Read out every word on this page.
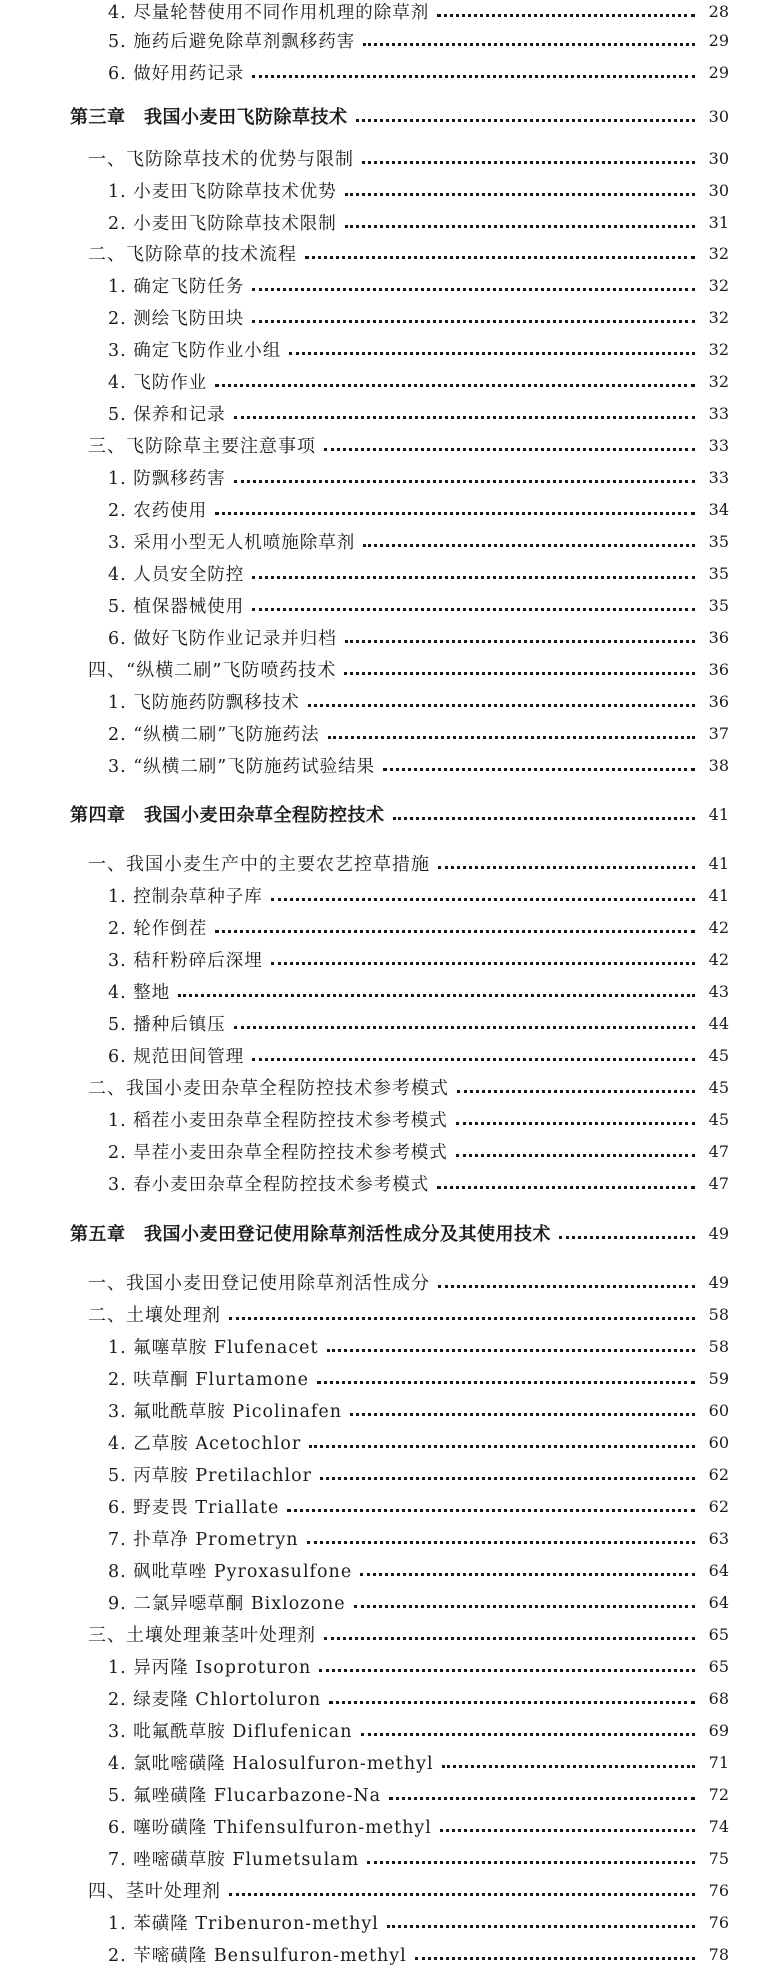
4. 尽量轮替使用不同作用机理的除草剂	28
5. 施药后避免除草剂飘移药害	29
6. 做好用药记录	29
第三章　我国小麦田飞防除草技术	30
一、飞防除草技术的优势与限制	30
1. 小麦田飞防除草技术优势	30
2. 小麦田飞防除草技术限制	31
二、飞防除草的技术流程	32
1. 确定飞防任务	32
2. 测绘飞防田块	32
3. 确定飞防作业小组	32
4. 飞防作业	32
5. 保养和记录	33
三、飞防除草主要注意事项	33
1. 防飘移药害	33
2. 农药使用	34
3. 采用小型无人机喷施除草剂	35
4. 人员安全防控	35
5. 植保器械使用	35
6. 做好飞防作业记录并归档	36
四、“纵横二刷”飞防喷药技术	36
1. 飞防施药防飘移技术	36
2. “纵横二刷”飞防施药法	37
3. “纵横二刷”飞防施药试验结果	38
第四章　我国小麦田杂草全程防控技术	41
一、我国小麦生产中的主要农艺控草措施	41
1. 控制杂草种子库	41
2. 轮作倒茬	42
3. 秸秆粉碎后深埋	42
4. 整地	43
5. 播种后镇压	44
6. 规范田间管理	45
二、我国小麦田杂草全程防控技术参考模式	45
1. 稻茬小麦田杂草全程防控技术参考模式	45
2. 旱茬小麦田杂草全程防控技术参考模式	47
3. 春小麦田杂草全程防控技术参考模式	47
第五章　我国小麦田登记使用除草剂活性成分及其使用技术	49
一、我国小麦田登记使用除草剂活性成分	49
二、土壤处理剂	58
1. 氟噻草胺 Flufenacet	58
2. 呋草酮 Flurtamone	59
3. 氟吡酰草胺 Picolinafen	60
4. 乙草胺 Acetochlor	60
5. 丙草胺 Pretilachlor	62
6. 野麦畏 Triallate	62
7. 扑草净 Prometryn	63
8. 砜吡草唑 Pyroxasulfone	64
9. 二氯异噁草酮 Bixlozone	64
三、土壤处理兼茎叶处理剂	65
1. 异丙隆 Isoproturon	65
2. 绿麦隆 Chlortoluron	68
3. 吡氟酰草胺 Diflufenican	69
4. 氯吡嘧磺隆 Halosulfuron-methyl	71
5. 氟唑磺隆 Flucarbazone-Na	72
6. 噻吩磺隆 Thifensulfuron-methyl	74
7. 唑嘧磺草胺 Flumetsulam	75
四、茎叶处理剂	76
1. 苯磺隆 Tribenuron-methyl	76
2. 苄嘧磺隆 Bensulfuron-methyl	78
